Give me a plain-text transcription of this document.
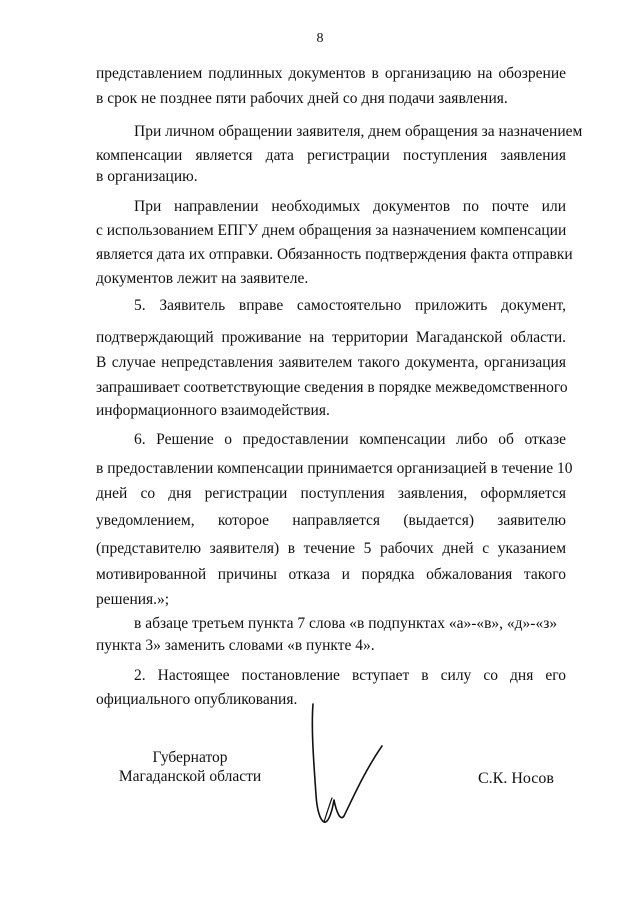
8
представлением подлинных документов в организацию на обозрение
в срок не позднее пяти рабочих дней со дня подачи заявления.
При личном обращении заявителя, днем обращения за назначением
компенсации является дата регистрации поступления заявления
в организацию.
При направлении необходимых документов по почте или
с использованием ЕПГУ днем обращения за назначением компенсации
является дата их отправки. Обязанность подтверждения факта отправки
документов лежит на заявителе.
5. Заявитель вправе самостоятельно приложить документ,
подтверждающий проживание на территории Магаданской области.
В случае непредставления заявителем такого документа, организация
запрашивает соответствующие сведения в порядке межведомственного
информационного взаимодействия.
6. Решение о предоставлении компенсации либо об отказе
в предоставлении компенсации принимается организацией в течение 10
дней со дня регистрации поступления заявления, оформляется
уведомлением, которое направляется (выдается) заявителю
(представителю заявителя) в течение 5 рабочих дней с указанием
мотивированной причины отказа и порядка обжалования такого
решения.»;
в абзаце третьем пункта 7 слова «в подпунктах «а»-«в», «д»-«з»
пункта 3» заменить словами «в пункте 4».
2. Настоящее постановление вступает в силу со дня его
официального опубликования.
Губернатор
Магаданской области	С.К. Носов
